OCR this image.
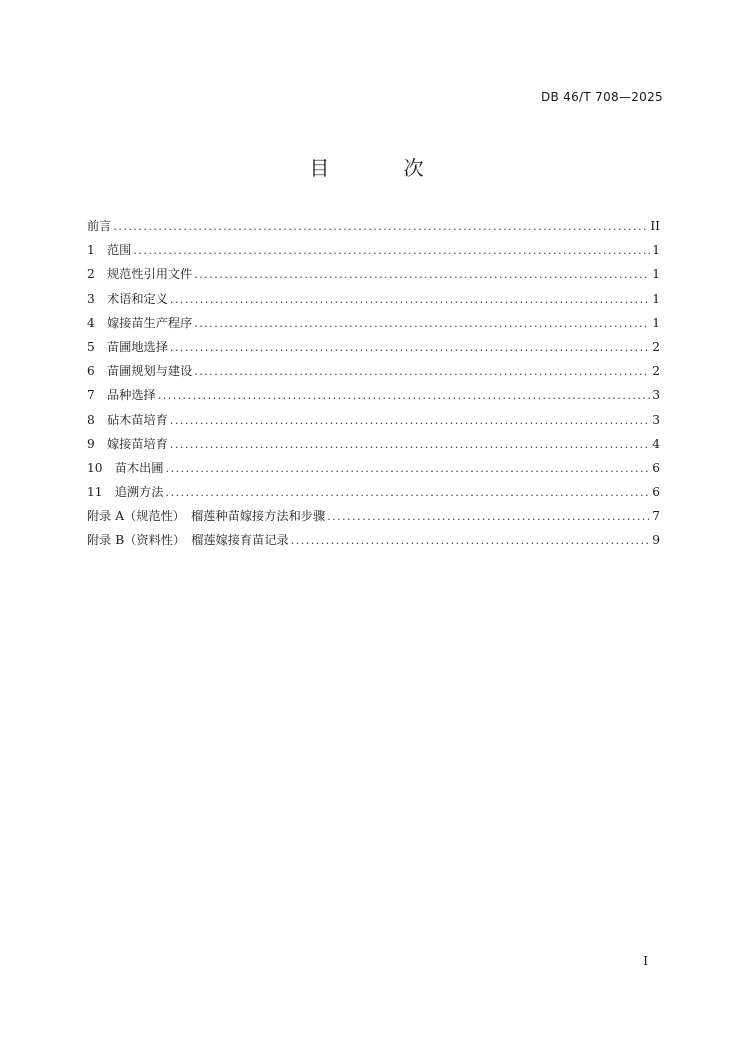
DB 46/T 708—2025
目 次
前言 .....	II
1　范围 .....	1
2　规范性引用文件 .....	1
3　术语和定义 .....	1
4　嫁接苗生产程序 .....	1
5　苗圃地选择 .....	2
6　苗圃规划与建设 .....	2
7　品种选择 .....	3
8　砧木苗培育 .....	3
9　嫁接苗培育 .....	4
10　苗木出圃 .....	6
11　追溯方法 .....	6
附录 A（规范性）　榴莲种苗嫁接方法和步骤 .....	7
附录 B（资料性）　榴莲嫁接育苗记录 .....	9
I
